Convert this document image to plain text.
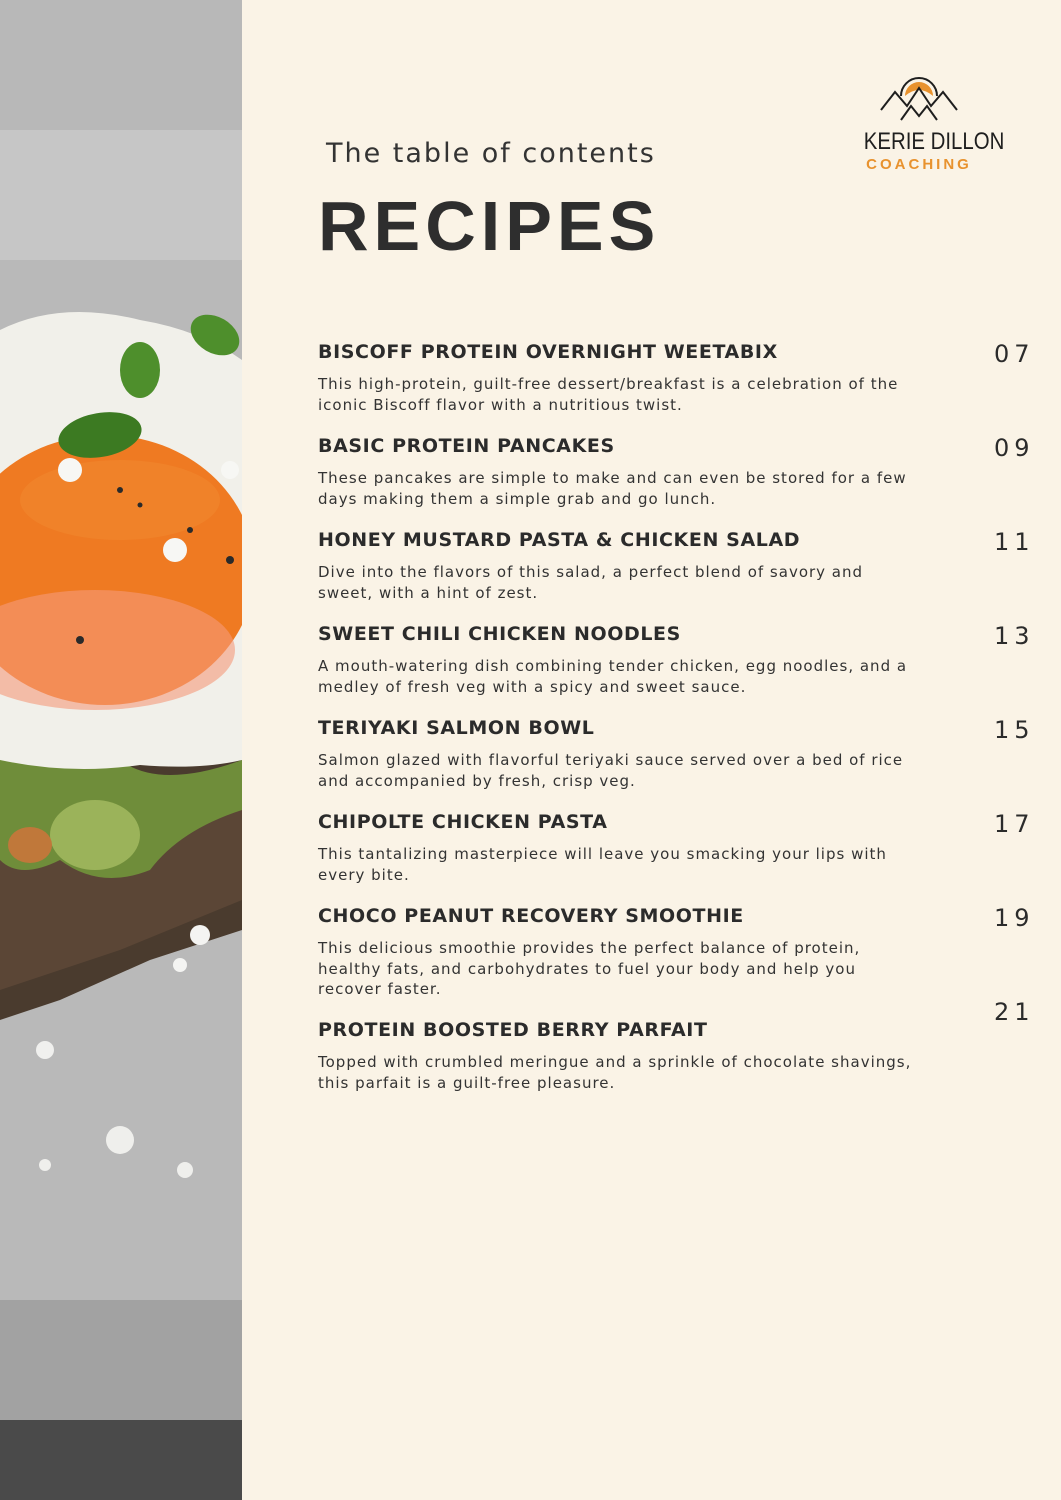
The table of contents
RECIPES
KERIE DILLON
COACHING
BISCOFF PROTEIN OVERNIGHT WEETABIX
This high-protein, guilt-free dessert/breakfast is a celebration of the iconic Biscoff flavor with a nutritious twist.
07
BASIC PROTEIN PANCAKES
These pancakes are simple to make and can even be stored for a few days making them a simple grab and go lunch.
09
HONEY MUSTARD PASTA & CHICKEN SALAD
Dive into the flavors of this salad, a perfect blend of savory and sweet, with a hint of zest.
11
SWEET CHILI CHICKEN NOODLES
A mouth-watering dish combining tender chicken, egg noodles, and a medley of fresh veg with a spicy and sweet sauce.
13
TERIYAKI SALMON BOWL
Salmon glazed with flavorful teriyaki sauce served over a bed of rice and accompanied by fresh, crisp veg.
15
CHIPOLTE CHICKEN PASTA
This tantalizing masterpiece will leave you smacking your lips with every bite.
17
CHOCO PEANUT RECOVERY SMOOTHIE
This delicious smoothie provides the perfect balance of protein, healthy fats, and carbohydrates to fuel your body and help you recover faster.
19
PROTEIN BOOSTED BERRY PARFAIT
Topped with crumbled meringue and a sprinkle of chocolate shavings, this parfait is a guilt-free pleasure.
21
